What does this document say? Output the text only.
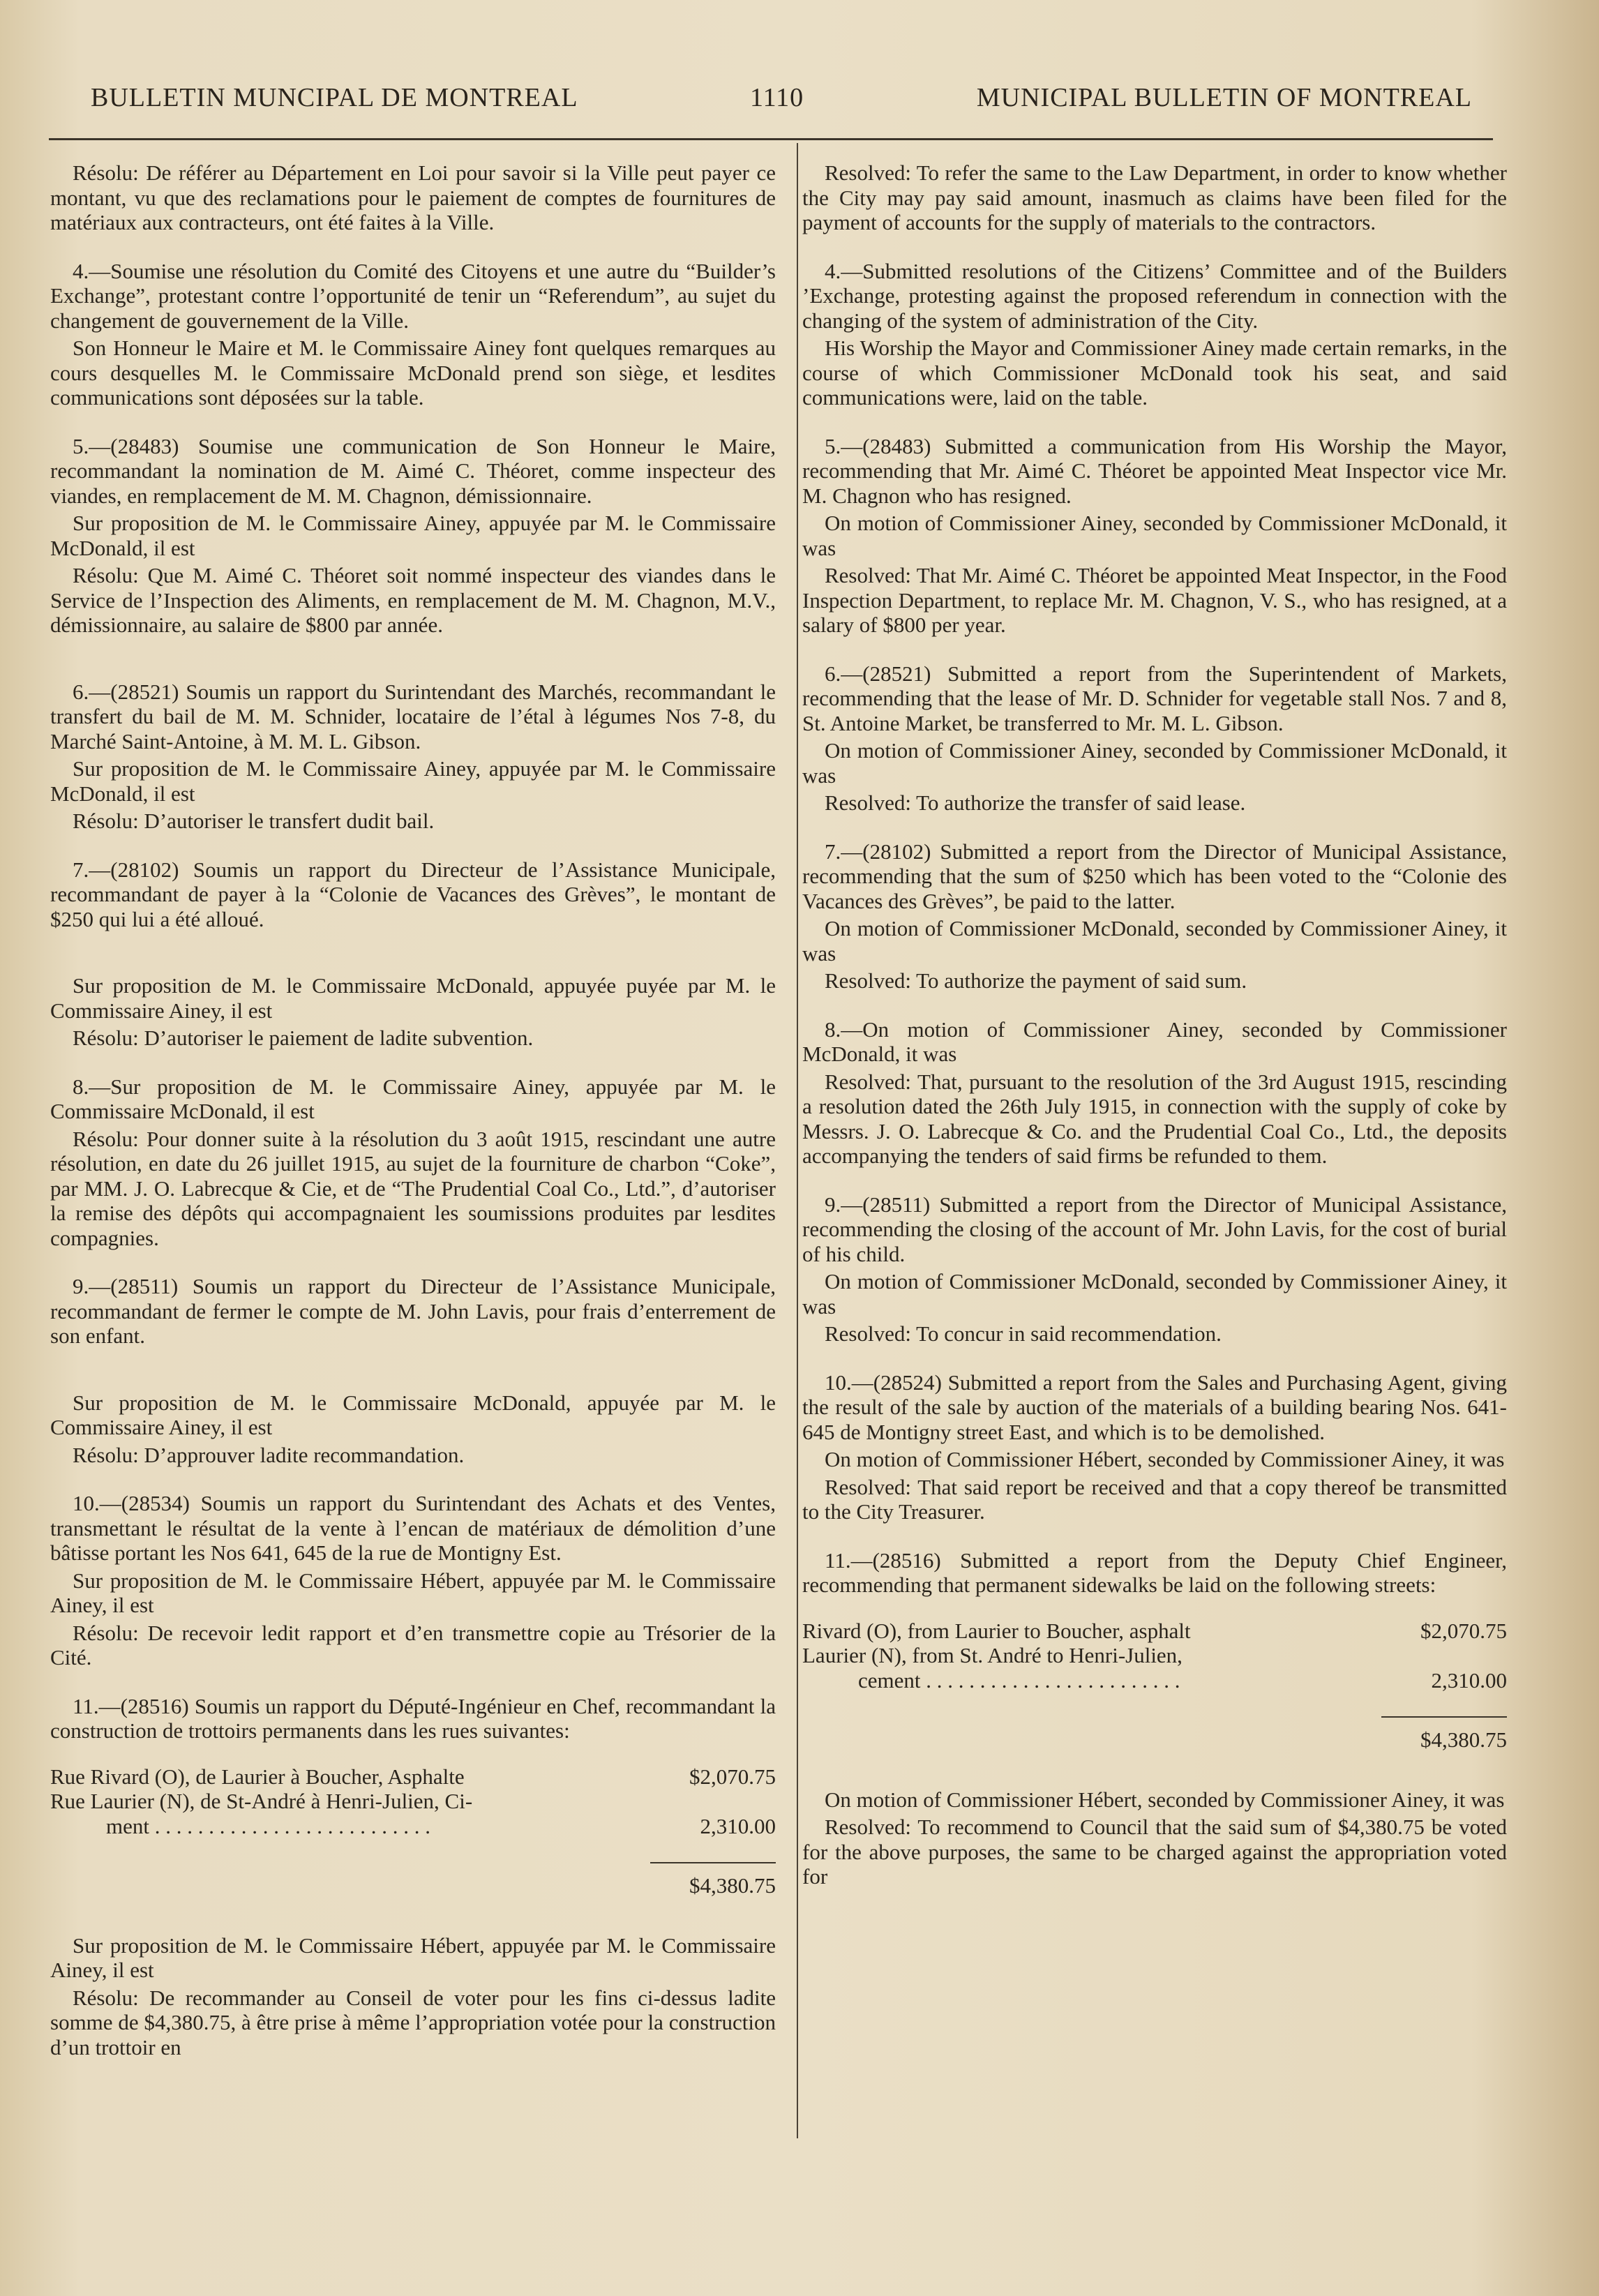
BULLETIN MUNCIPAL DE MONTREAL	1110	MUNICIPAL BULLETIN OF MONTREAL

Résolu: De référer au Département en Loi pour savoir si la Ville peut payer ce montant, vu que des reclamations pour le paiement de comptes de fournitures de matériaux aux contracteurs, ont été faites à la Ville.

4.—Soumise une résolution du Comité des Citoyens et une autre du “Builder’s Exchange”, protestant contre l’opportunité de tenir un “Referendum”, au sujet du changement de gouvernement de la Ville.

Son Honneur le Maire et M. le Commissaire Ainey font quelques remarques au cours desquelles M. le Commissaire McDonald prend son siège, et lesdites communications sont déposées sur la table.

5.—(28483) Soumise une communication de Son Honneur le Maire, recommandant la nomination de M. Aimé C. Théoret, comme inspecteur des viandes, en remplacement de M. M. Chagnon, démissionnaire.

Sur proposition de M. le Commissaire Ainey, appuyée par M. le Commissaire McDonald, il est

Résolu: Que M. Aimé C. Théoret soit nommé inspecteur des viandes dans le Service de l’Inspection des Aliments, en remplacement de M. M. Chagnon, M.V., démissionnaire, au salaire de $800 par année.

6.—(28521) Soumis un rapport du Surintendant des Marchés, recommandant le transfert du bail de M. M. Schnider, locataire de l’étal à légumes Nos 7-8, du Marché Saint-Antoine, à M. M. L. Gibson.

Sur proposition de M. le Commissaire Ainey, appuyée par M. le Commissaire McDonald, il est

Résolu: D’autoriser le transfert dudit bail.

7.—(28102) Soumis un rapport du Directeur de l’Assistance Municipale, recommandant de payer à la “Colonie de Vacances des Grèves”, le montant de $250 qui lui a été alloué.

Sur proposition de M. le Commissaire McDonald, appuyée puyée par M. le Commissaire Ainey, il est

Résolu: D’autoriser le paiement de ladite subvention.

8.—Sur proposition de M. le Commissaire Ainey, appuyée par M. le Commissaire McDonald, il est

Résolu: Pour donner suite à la résolution du 3 août 1915, rescindant une autre résolution, en date du 26 juillet 1915, au sujet de la fourniture de charbon “Coke”, par MM. J. O. Labrecque & Cie, et de “The Prudential Coal Co., Ltd.”, d’autoriser la remise des dépôts qui accompagnaient les soumissions produites par lesdites compagnies.

9.—(28511) Soumis un rapport du Directeur de l’Assistance Municipale, recommandant de fermer le compte de M. John Lavis, pour frais d’enterrement de son enfant.

Sur proposition de M. le Commissaire McDonald, appuyée par M. le Commissaire Ainey, il est

Résolu: D’approuver ladite recommandation.

10.—(28534) Soumis un rapport du Surintendant des Achats et des Ventes, transmettant le résultat de la vente à l’encan de matériaux de démolition d’une bâtisse portant les Nos 641, 645 de la rue de Montigny Est.

Sur proposition de M. le Commissaire Hébert, appuyée par M. le Commissaire Ainey, il est

Résolu: De recevoir ledit rapport et d’en transmettre copie au Trésorier de la Cité.

11.—(28516) Soumis un rapport du Député-Ingénieur en Chef, recommandant la construction de trottoirs permanents dans les rues suivantes:

Rue Rivard (O), de Laurier à Boucher, Asphalte	$2,070.75
Rue Laurier (N), de St-André à Henri-Julien, Ci-
ment . . . . . . . . . . . . . . . . . . . . . . . . . .	2,310.00
$4,380.75

Sur proposition de M. le Commissaire Hébert, appuyée par M. le Commissaire Ainey, il est

Résolu: De recommander au Conseil de voter pour les fins ci-dessus ladite somme de $4,380.75, à être prise à même l’appropriation votée pour la construction d’un trottoir en

Resolved: To refer the same to the Law Department, in order to know whether the City may pay said amount, inasmuch as claims have been filed for the payment of accounts for the supply of materials to the contractors.

4.—Submitted resolutions of the Citizens’ Committee and of the Builders ’Exchange, protesting against the proposed referendum in connection with the changing of the system of administration of the City.

His Worship the Mayor and Commissioner Ainey made certain remarks, in the course of which Commissioner McDonald took his seat, and said communications were, laid on the table.

5.—(28483) Submitted a communication from His Worship the Mayor, recommending that Mr. Aimé C. Théoret be appointed Meat Inspector vice Mr. M. Chagnon who has resigned.

On motion of Commissioner Ainey, seconded by Commissioner McDonald, it was

Resolved: That Mr. Aimé C. Théoret be appointed Meat Inspector, in the Food Inspection Department, to replace Mr. M. Chagnon, V. S., who has resigned, at a salary of $800 per year.

6.—(28521) Submitted a report from the Superintendent of Markets, recommending that the lease of Mr. D. Schnider for vegetable stall Nos. 7 and 8, St. Antoine Market, be transferred to Mr. M. L. Gibson.

On motion of Commissioner Ainey, seconded by Commissioner McDonald, it was

Resolved: To authorize the transfer of said lease.

7.—(28102) Submitted a report from the Director of Municipal Assistance, recommending that the sum of $250 which has been voted to the “Colonie des Vacances des Grèves”, be paid to the latter.

On motion of Commissioner McDonald, seconded by Commissioner Ainey, it was

Resolved: To authorize the payment of said sum.

8.—On motion of Commissioner Ainey, seconded by Commissioner McDonald, it was

Resolved: That, pursuant to the resolution of the 3rd August 1915, rescinding a resolution dated the 26th July 1915, in connection with the supply of coke by Messrs. J. O. Labrecque & Co. and the Prudential Coal Co., Ltd., the deposits accompanying the tenders of said firms be refunded to them.

9.—(28511) Submitted a report from the Director of Municipal Assistance, recommending the closing of the account of Mr. John Lavis, for the cost of burial of his child.

On motion of Commissioner McDonald, seconded by Commissioner Ainey, it was

Resolved: To concur in said recommendation.

10.—(28524) Submitted a report from the Sales and Purchasing Agent, giving the result of the sale by auction of the materials of a building bearing Nos. 641-645 de Montigny street East, and which is to be demolished.

On motion of Commissioner Hébert, seconded by Commissioner Ainey, it was

Resolved: That said report be received and that a copy thereof be transmitted to the City Treasurer.

11.—(28516) Submitted a report from the Deputy Chief Engineer, recommending that permanent sidewalks be laid on the following streets:

Rivard (O), from Laurier to Boucher, asphalt	$2,070.75
Laurier (N), from St. André to Henri-Julien,
cement . . . . . . . . . . . . . . . . . . . . . . . .	2,310.00
$4,380.75

On motion of Commissioner Hébert, seconded by Commissioner Ainey, it was

Resolved: To recommend to Council that the said sum of $4,380.75 be voted for the above purposes, the same to be charged against the appropriation voted for
